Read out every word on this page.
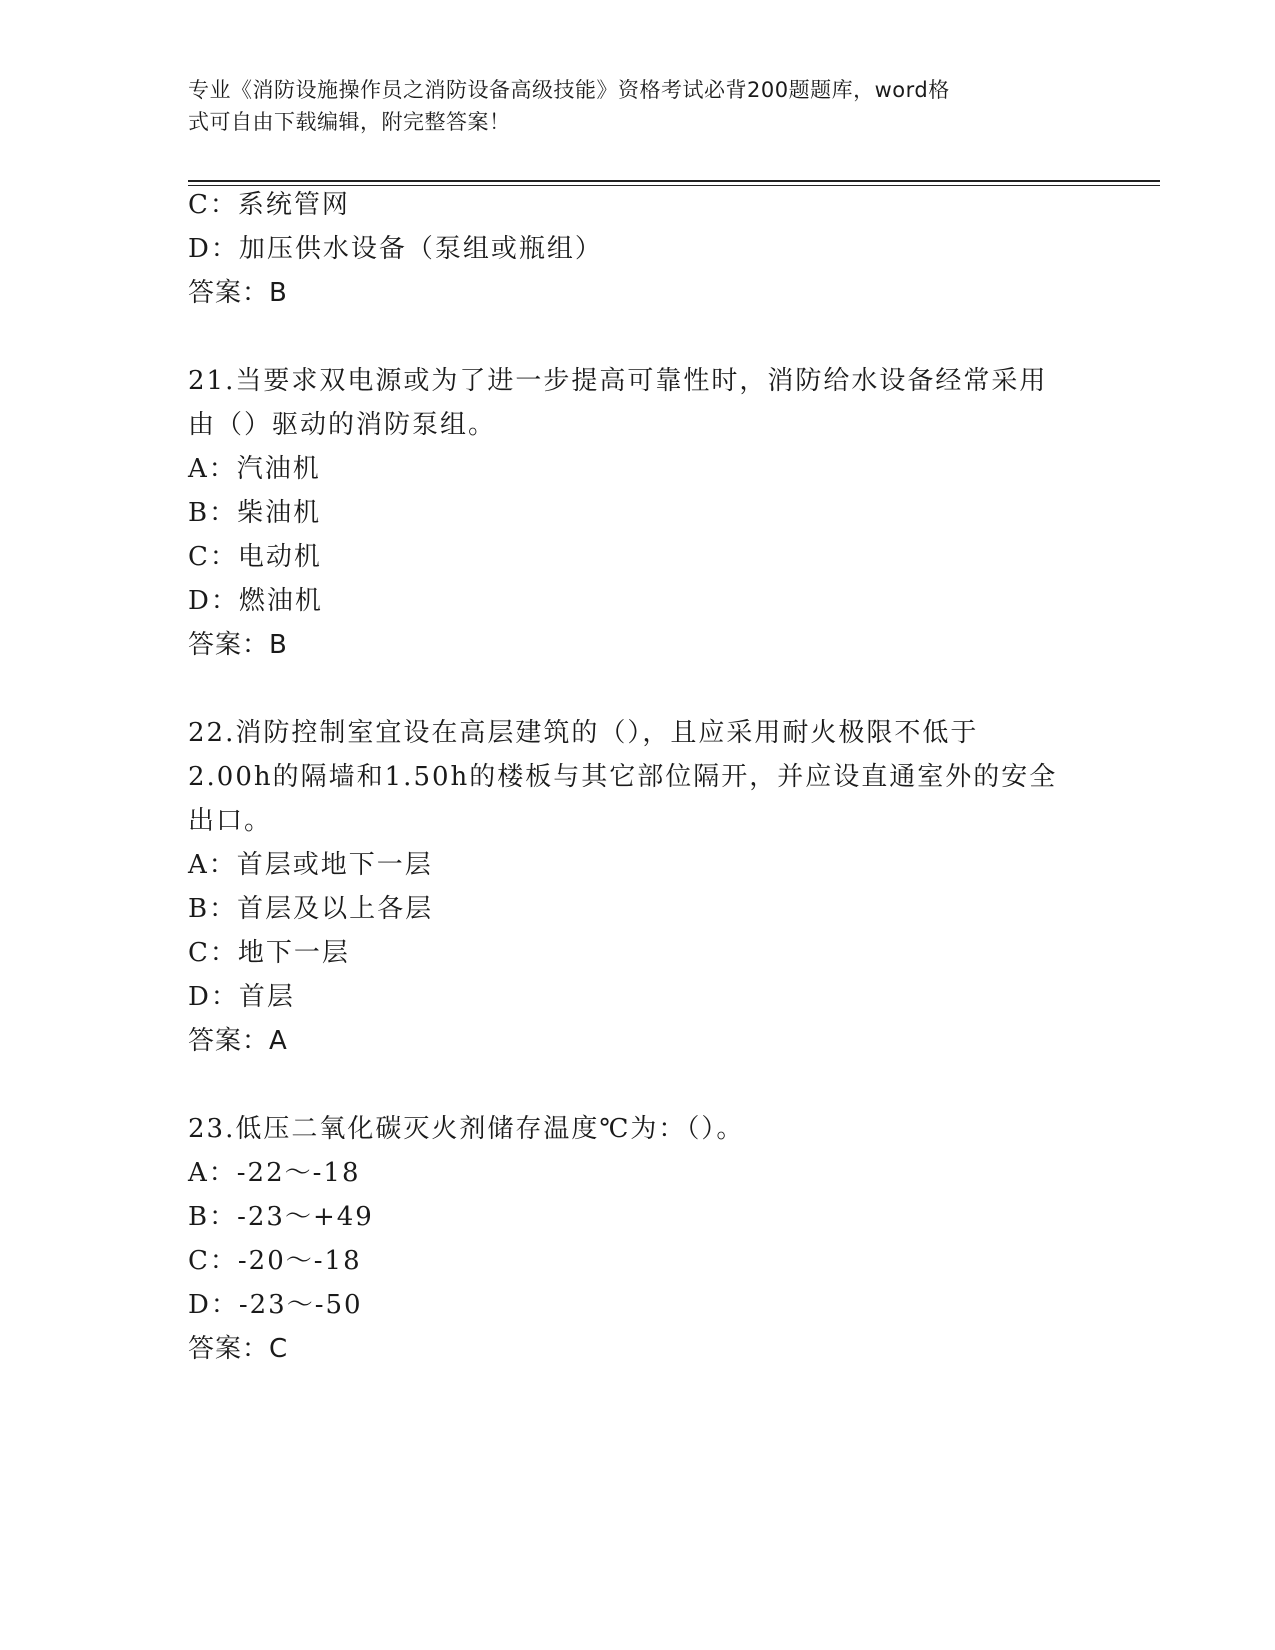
专业《消防设施操作员之消防设备高级技能》资格考试必背200题题库，word格
式可自由下载编辑，附完整答案！
C：系统管网
D：加压供水设备（泵组或瓶组）
答案：B
21.当要求双电源或为了进一步提高可靠性时，消防给水设备经常采用
由（）驱动的消防泵组。
A：汽油机
B：柴油机
C：电动机
D：燃油机
答案：B
22.消防控制室宜设在高层建筑的（），且应采用耐火极限不低于
2.00h的隔墙和1.50h的楼板与其它部位隔开，并应设直通室外的安全
出口。
A：首层或地下一层
B：首层及以上各层
C：地下一层
D：首层
答案：A
23.低压二氧化碳灭火剂储存温度℃为：（）。
A：-22～-18
B：-23～+49
C：-20～-18
D：-23～-50
答案：C
